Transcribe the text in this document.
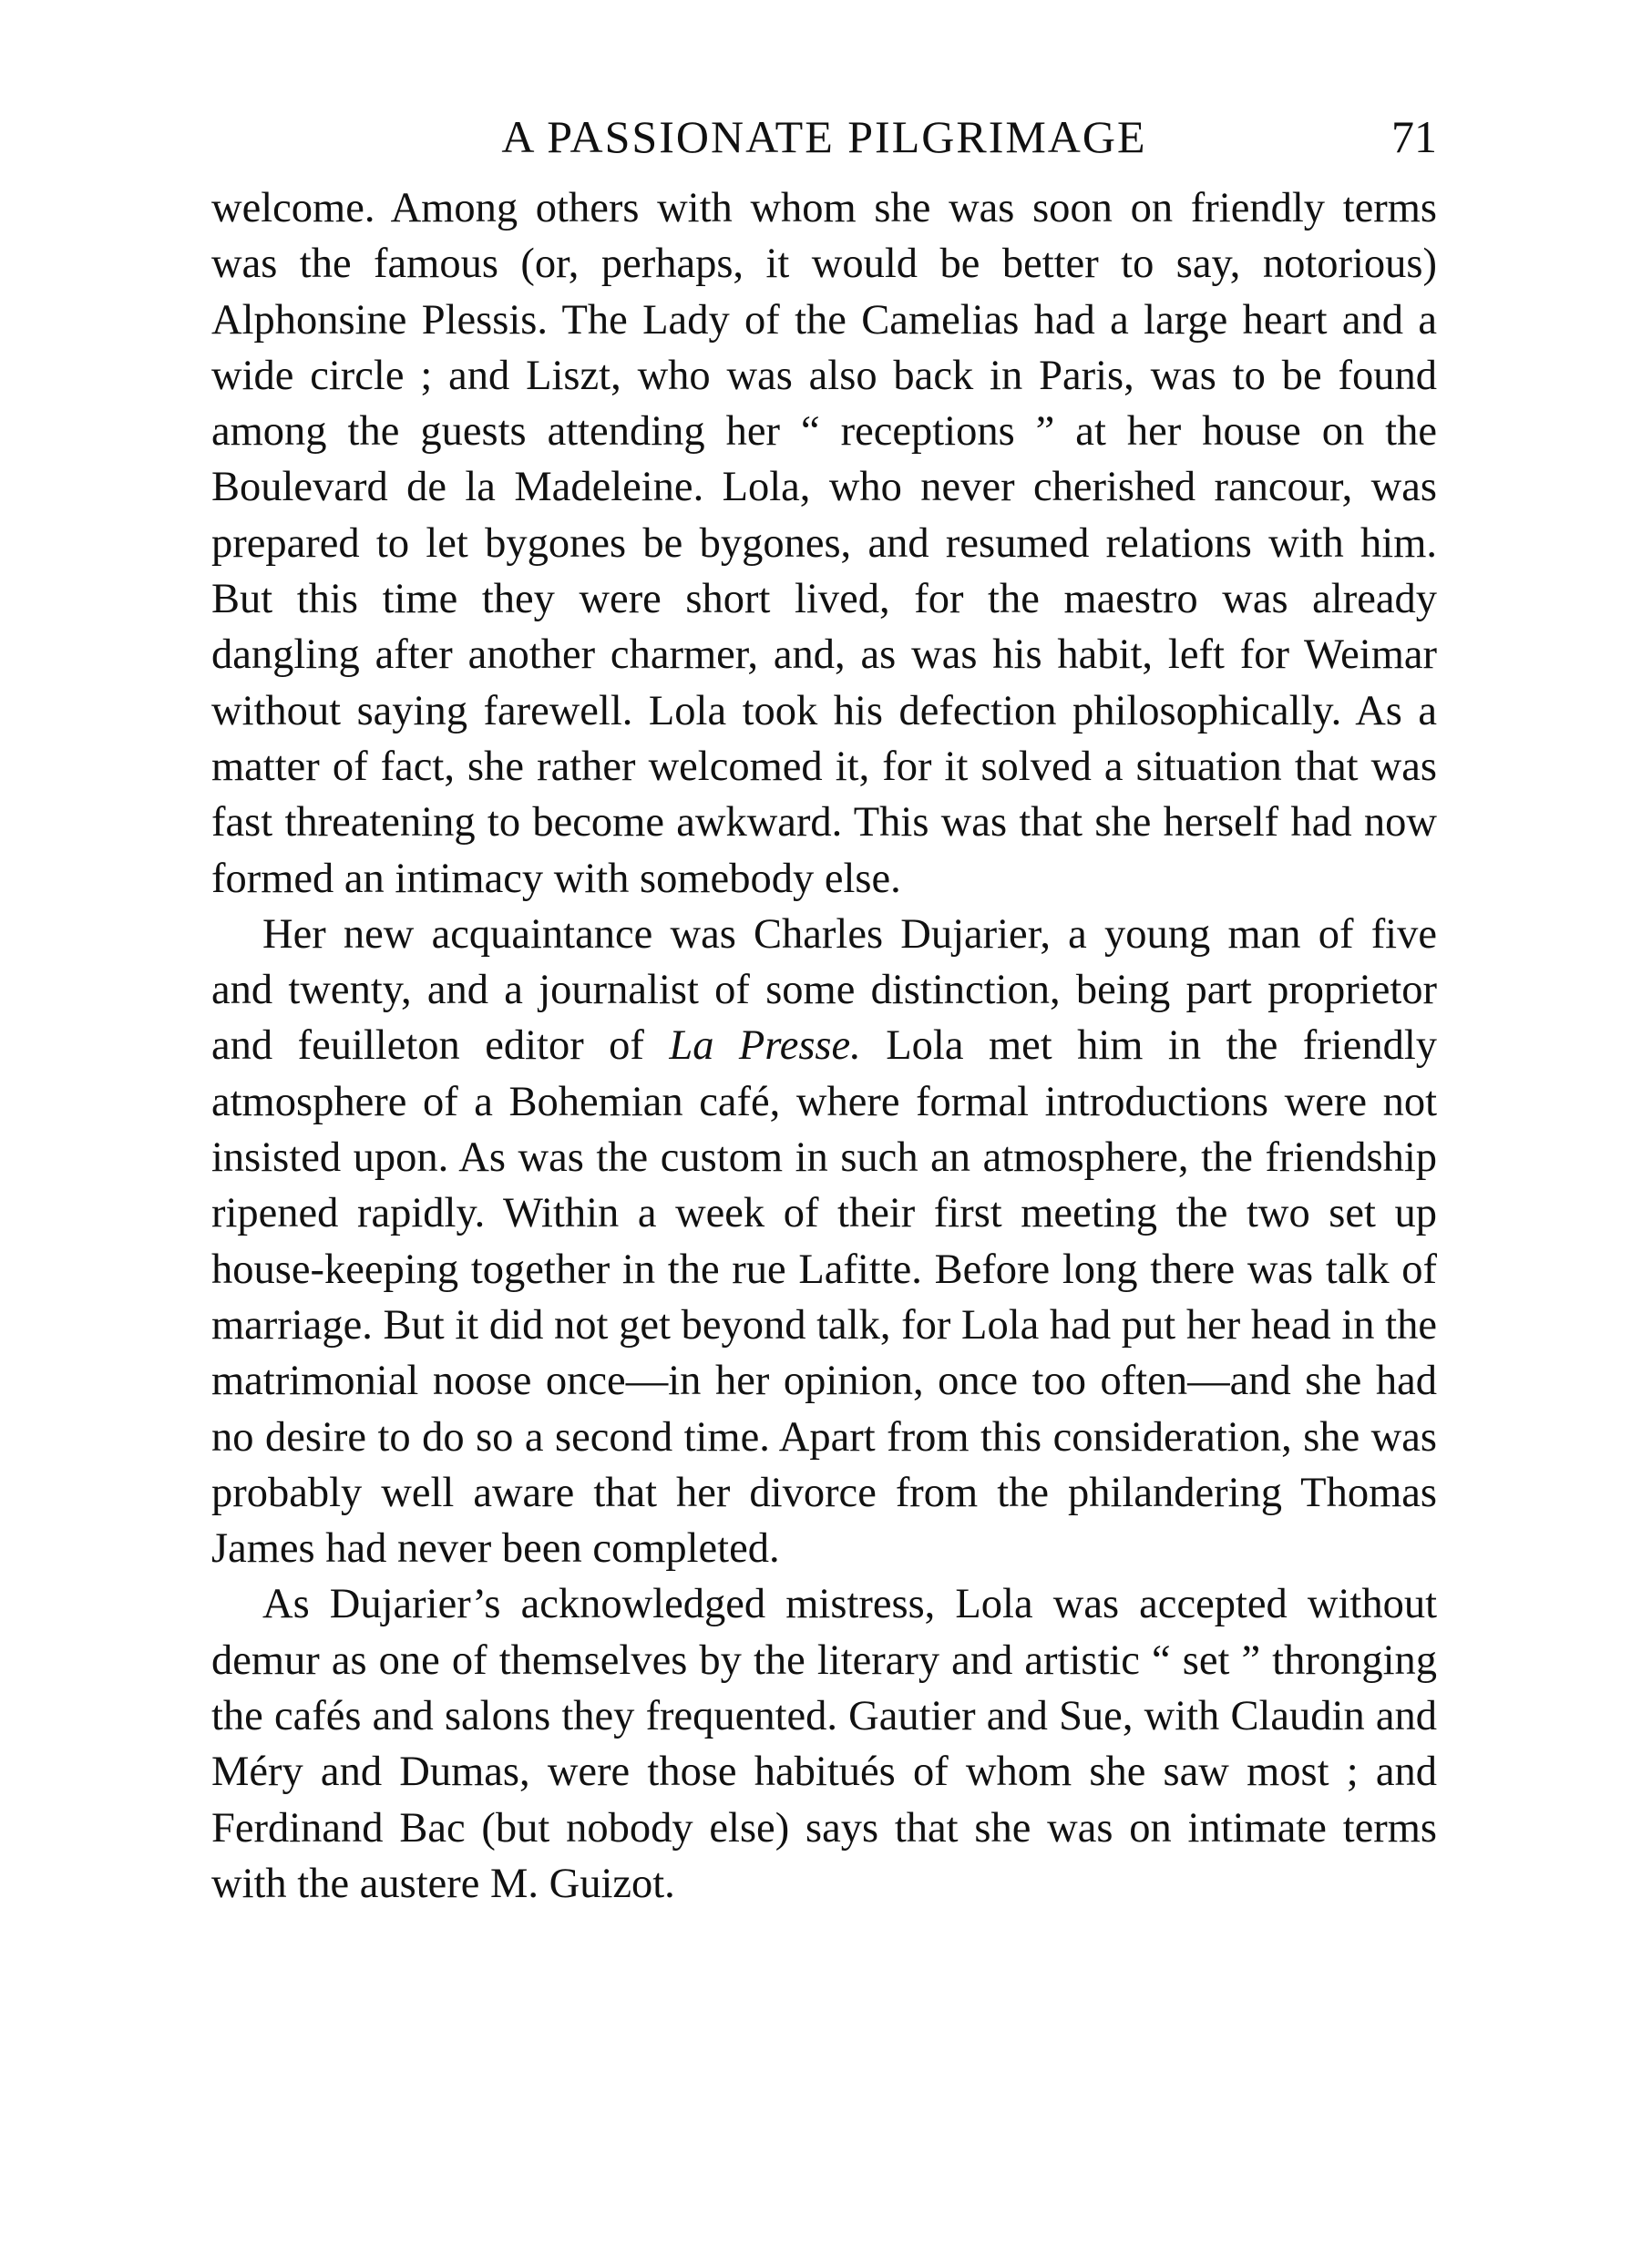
A PASSIONATE PILGRIMAGE	71

welcome. Among others with whom she was soon on friendly terms was the famous (or, perhaps, it would be better to say, notorious) Alphonsine Plessis. The Lady of the Camelias had a large heart and a wide circle ; and Liszt, who was also back in Paris, was to be found among the guests attending her “ receptions ” at her house on the Boulevard de la Madeleine. Lola, who never cherished rancour, was prepared to let bygones be bygones, and resumed relations with him. But this time they were short lived, for the maestro was already dangling after another charmer, and, as was his habit, left for Weimar without saying farewell. Lola took his defection philosophically. As a matter of fact, she rather welcomed it, for it solved a situation that was fast threatening to become awkward. This was that she herself had now formed an intimacy with somebody else.

Her new acquaintance was Charles Dujarier, a young man of five and twenty, and a journalist of some distinction, being part proprietor and feuilleton editor of La Presse. Lola met him in the friendly atmosphere of a Bohemian café, where formal introductions were not insisted upon. As was the custom in such an atmosphere, the friendship ripened rapidly. Within a week of their first meeting the two set up house-keeping together in the rue Lafitte. Before long there was talk of marriage. But it did not get beyond talk, for Lola had put her head in the matrimonial noose once—in her opinion, once too often—and she had no desire to do so a second time. Apart from this consideration, she was probably well aware that her divorce from the philandering Thomas James had never been completed.

As Dujarier’s acknowledged mistress, Lola was accepted without demur as one of themselves by the literary and artistic “ set ” thronging the cafés and salons they frequented. Gautier and Sue, with Claudin and Méry and Dumas, were those habitués of whom she saw most ; and Ferdinand Bac (but nobody else) says that she was on intimate terms with the austere M. Guizot.
